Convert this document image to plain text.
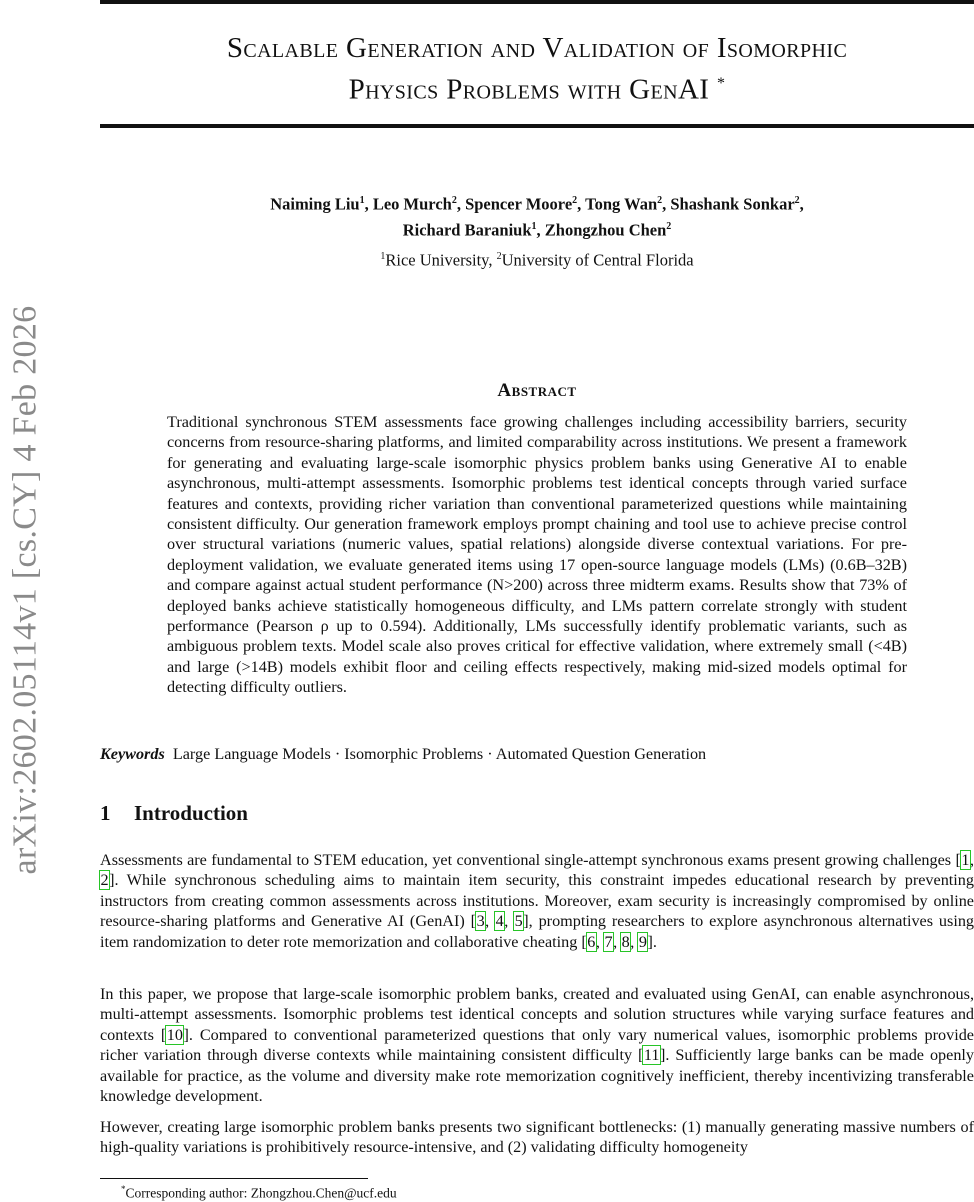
arXiv:2602.05114v1 [cs.CY] 4 Feb 2026
Scalable Generation and Validation of Isomorphic
Physics Problems with GenAI *
Naiming Liu$^1$, Leo Murch$^2$, Spencer Moore$^2$, Tong Wan$^2$, Shashank Sonkar$^2$,
Richard Baraniuk$^1$, Zhongzhou Chen$^2$
$^1$Rice University, $^2$University of Central Florida
Abstract
Traditional synchronous STEM assessments face growing challenges including accessibility barriers, security concerns from resource-sharing platforms, and limited comparability across institutions. We present a framework for generating and evaluating large-scale isomorphic physics problem banks using Generative AI to enable asynchronous, multi-attempt assessments. Isomorphic problems test identical concepts through varied surface features and contexts, providing richer variation than conventional parameterized questions while maintaining consistent difficulty. Our generation framework employs prompt chaining and tool use to achieve precise control over structural variations (numeric values, spatial relations) alongside diverse contextual variations. For pre-deployment validation, we evaluate generated items using 17 open-source language models (LMs) (0.6B–32B) and compare against actual student performance (N>200) across three midterm exams. Results show that 73% of deployed banks achieve statistically homogeneous difficulty, and LMs pattern correlate strongly with student performance (Pearson ρ up to 0.594). Additionally, LMs successfully identify problematic variants, such as ambiguous problem texts. Model scale also proves critical for effective validation, where extremely small (<4B) and large (>14B) models exhibit floor and ceiling effects respectively, making mid-sized models optimal for detecting difficulty outliers.
Keywords Large Language Models · Isomorphic Problems · Automated Question Generation
1 Introduction
Assessments are fundamental to STEM education, yet conventional single-attempt synchronous exams present growing challenges [1, 2]. While synchronous scheduling aims to maintain item security, this constraint impedes educational research by preventing instructors from creating common assessments across institutions. Moreover, exam security is increasingly compromised by online resource-sharing platforms and Generative AI (GenAI) [3, 4, 5], prompting researchers to explore asynchronous alternatives using item randomization to deter rote memorization and collaborative cheating [6, 7, 8, 9].
In this paper, we propose that large-scale isomorphic problem banks, created and evaluated using GenAI, can enable asynchronous, multi-attempt assessments. Isomorphic problems test identical concepts and solution structures while varying surface features and contexts [10]. Compared to conventional parameterized questions that only vary numerical values, isomorphic problems provide richer variation through diverse contexts while maintaining consistent difficulty [11]. Sufficiently large banks can be made openly available for practice, as the volume and diversity make rote memorization cognitively inefficient, thereby incentivizing transferable knowledge development.
However, creating large isomorphic problem banks presents two significant bottlenecks: (1) manually generating massive numbers of high-quality variations is prohibitively resource-intensive, and (2) validating difficulty homogeneity
*Corresponding author: Zhongzhou.Chen@ucf.edu
